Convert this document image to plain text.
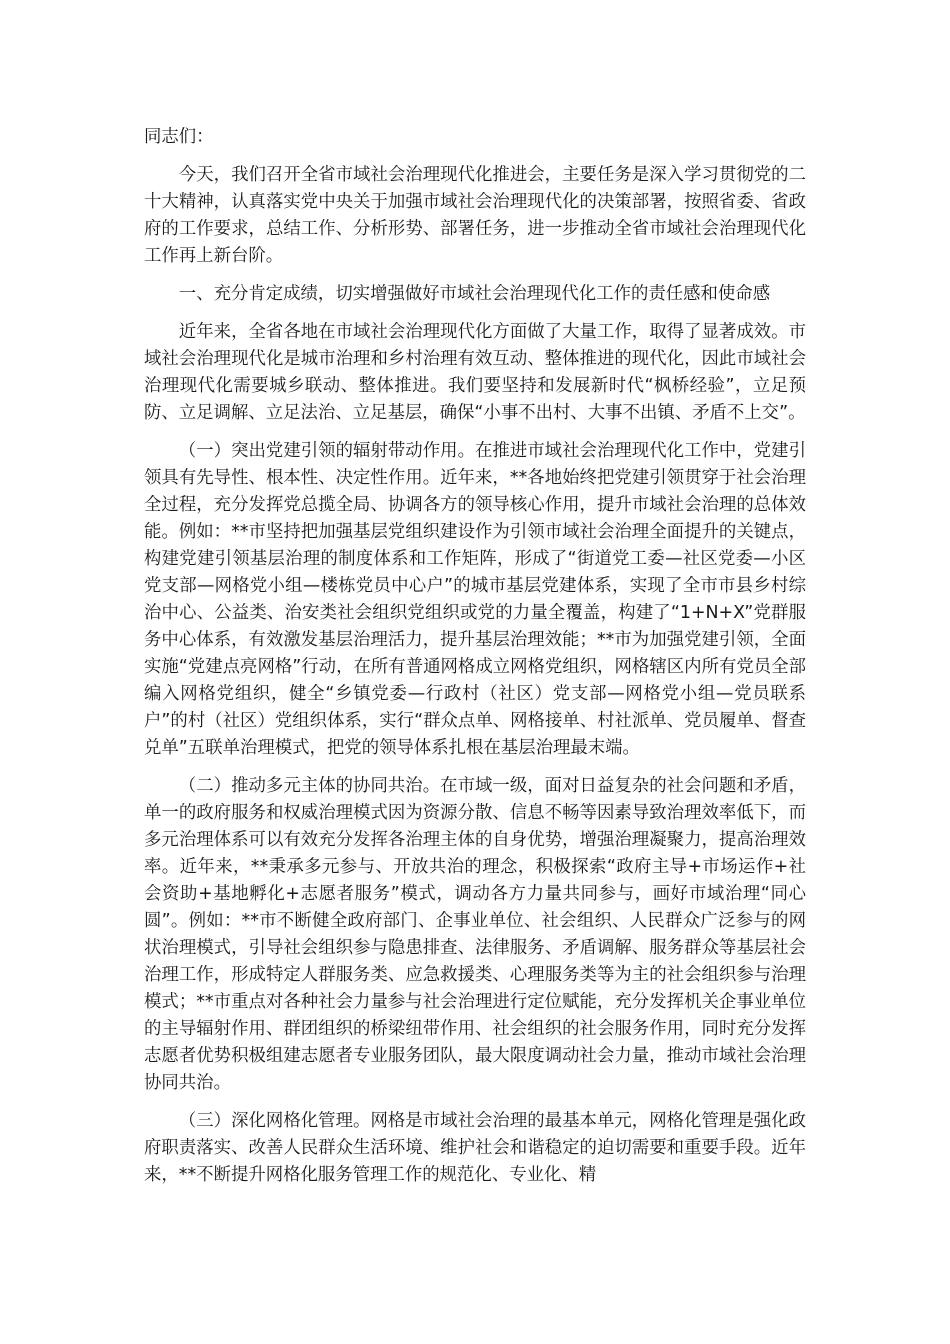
同志们：

今天，我们召开全省市域社会治理现代化推进会，主要任务是深入学习贯彻党的二十大精神，认真落实党中央关于加强市域社会治理现代化的决策部署，按照省委、省政府的工作要求，总结工作、分析形势、部署任务，进一步推动全省市域社会治理现代化工作再上新台阶。

一、充分肯定成绩，切实增强做好市域社会治理现代化工作的责任感和使命感

近年来，全省各地在市域社会治理现代化方面做了大量工作，取得了显著成效。市域社会治理现代化是城市治理和乡村治理有效互动、整体推进的现代化，因此市域社会治理现代化需要城乡联动、整体推进。我们要坚持和发展新时代“枫桥经验”，立足预防、立足调解、立足法治、立足基层，确保“小事不出村、大事不出镇、矛盾不上交”。

（一）突出党建引领的辐射带动作用。在推进市域社会治理现代化工作中，党建引领具有先导性、根本性、决定性作用。近年来，**各地始终把党建引领贯穿于社会治理全过程，充分发挥党总揽全局、协调各方的领导核心作用，提升市域社会治理的总体效能。例如：**市坚持把加强基层党组织建设作为引领市域社会治理全面提升的关键点，构建党建引领基层治理的制度体系和工作矩阵，形成了“街道党工委—社区党委—小区党支部—网格党小组—楼栋党员中心户”的城市基层党建体系，实现了全市市县乡村综治中心、公益类、治安类社会组织党组织或党的力量全覆盖，构建了“1+N+X”党群服务中心体系，有效激发基层治理活力，提升基层治理效能；**市为加强党建引领，全面实施“党建点亮网格”行动，在所有普通网格成立网格党组织，网格辖区内所有党员全部编入网格党组织，健全“乡镇党委—行政村（社区）党支部—网格党小组—党员联系户”的村（社区）党组织体系，实行“群众点单、网格接单、村社派单、党员履单、督查兑单”五联单治理模式，把党的领导体系扎根在基层治理最末端。

（二）推动多元主体的协同共治。在市域一级，面对日益复杂的社会问题和矛盾，单一的政府服务和权威治理模式因为资源分散、信息不畅等因素导致治理效率低下，而多元治理体系可以有效充分发挥各治理主体的自身优势，增强治理凝聚力，提高治理效率。近年来，**秉承多元参与、开放共治的理念，积极探索“政府主导+市场运作+社会资助+基地孵化+志愿者服务”模式，调动各方力量共同参与，画好市域治理“同心圆”。例如：**市不断健全政府部门、企事业单位、社会组织、人民群众广泛参与的网状治理模式，引导社会组织参与隐患排查、法律服务、矛盾调解、服务群众等基层社会治理工作，形成特定人群服务类、应急救援类、心理服务类等为主的社会组织参与治理模式；**市重点对各种社会力量参与社会治理进行定位赋能，充分发挥机关企事业单位的主导辐射作用、群团组织的桥梁纽带作用、社会组织的社会服务作用，同时充分发挥志愿者优势积极组建志愿者专业服务团队，最大限度调动社会力量，推动市域社会治理协同共治。

（三）深化网格化管理。网格是市域社会治理的最基本单元，网格化管理是强化政府职责落实、改善人民群众生活环境、维护社会和谐稳定的迫切需要和重要手段。近年来，**不断提升网格化服务管理工作的规范化、专业化、精
